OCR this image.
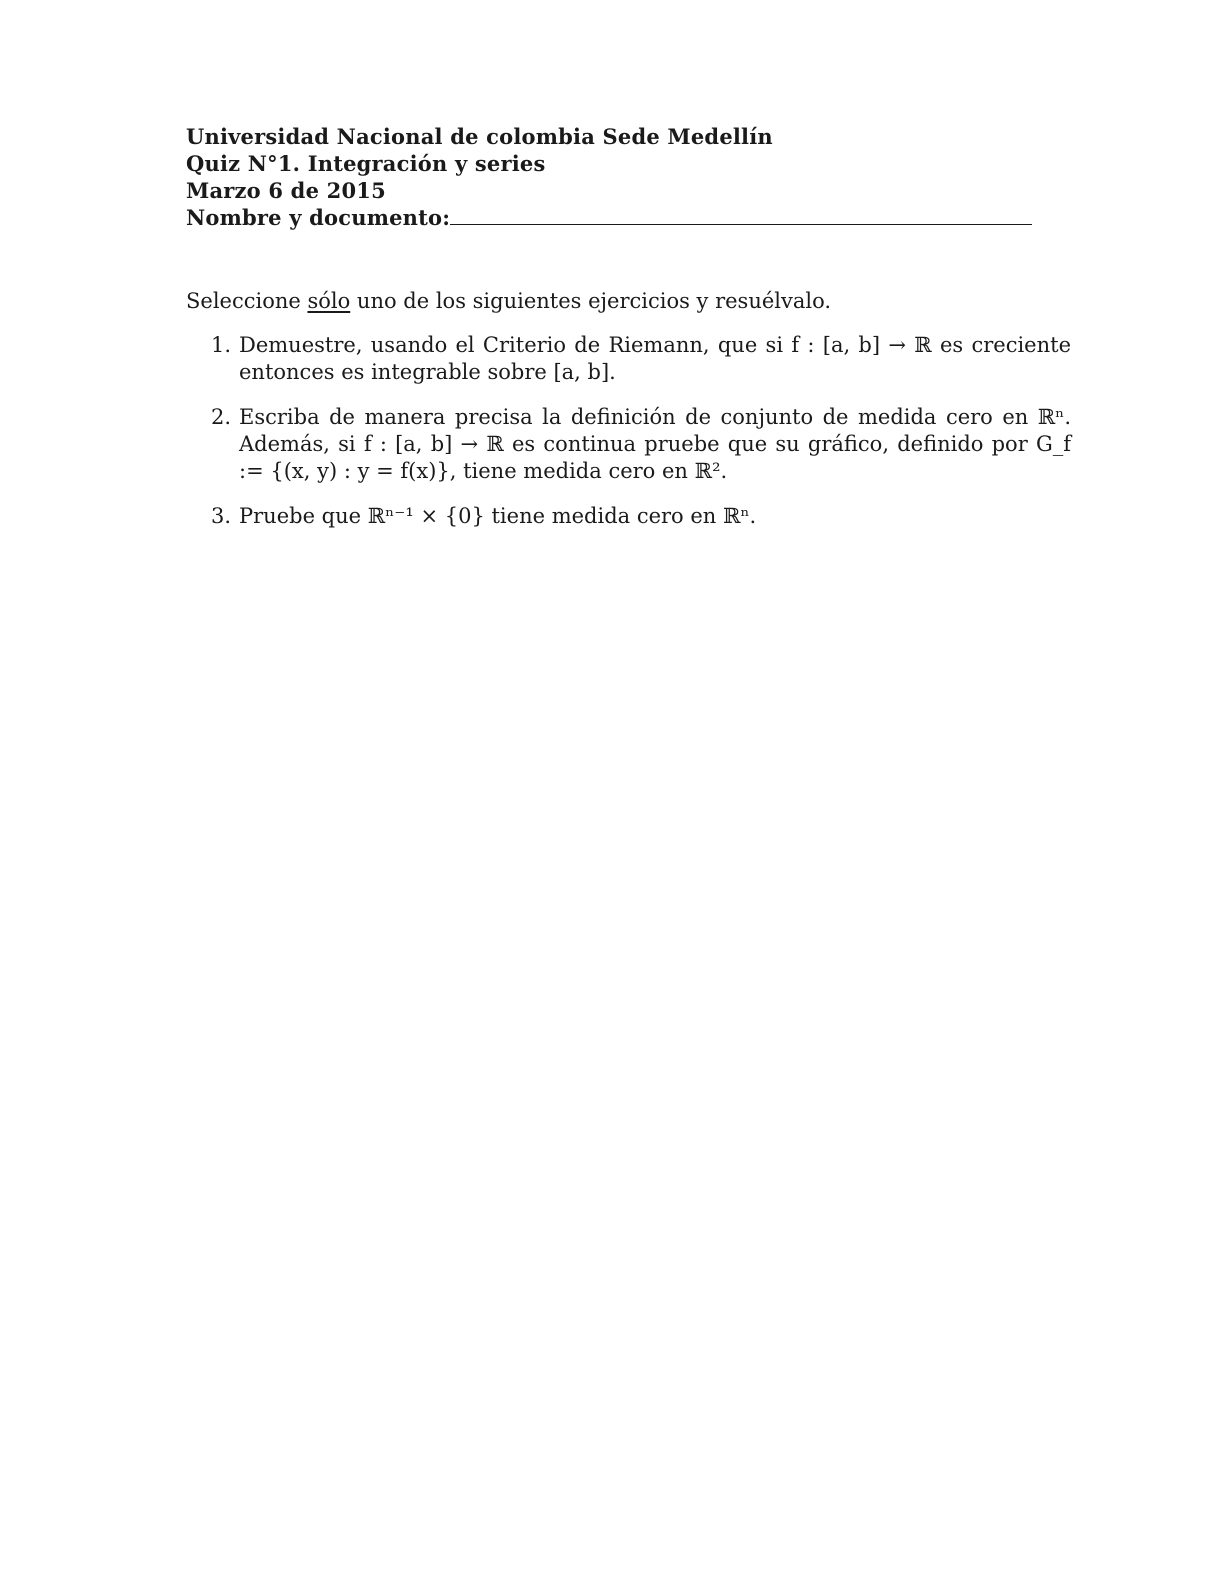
Universidad Nacional de colombia Sede Medellín
Quiz N°1. Integración y series
Marzo 6 de 2015
Nombre y documento:
Seleccione sólo uno de los siguientes ejercicios y resuélvalo.
1. Demuestre, usando el Criterio de Riemann, que si f : [a, b] → ℝ es creciente entonces es integrable sobre [a, b].
2. Escriba de manera precisa la definición de conjunto de medida cero en ℝⁿ. Además, si f : [a, b] → ℝ es continua pruebe que su gráfico, definido por G_f := {(x, y) : y = f(x)}, tiene medida cero en ℝ².
3. Pruebe que ℝⁿ⁻¹ × {0} tiene medida cero en ℝⁿ.
